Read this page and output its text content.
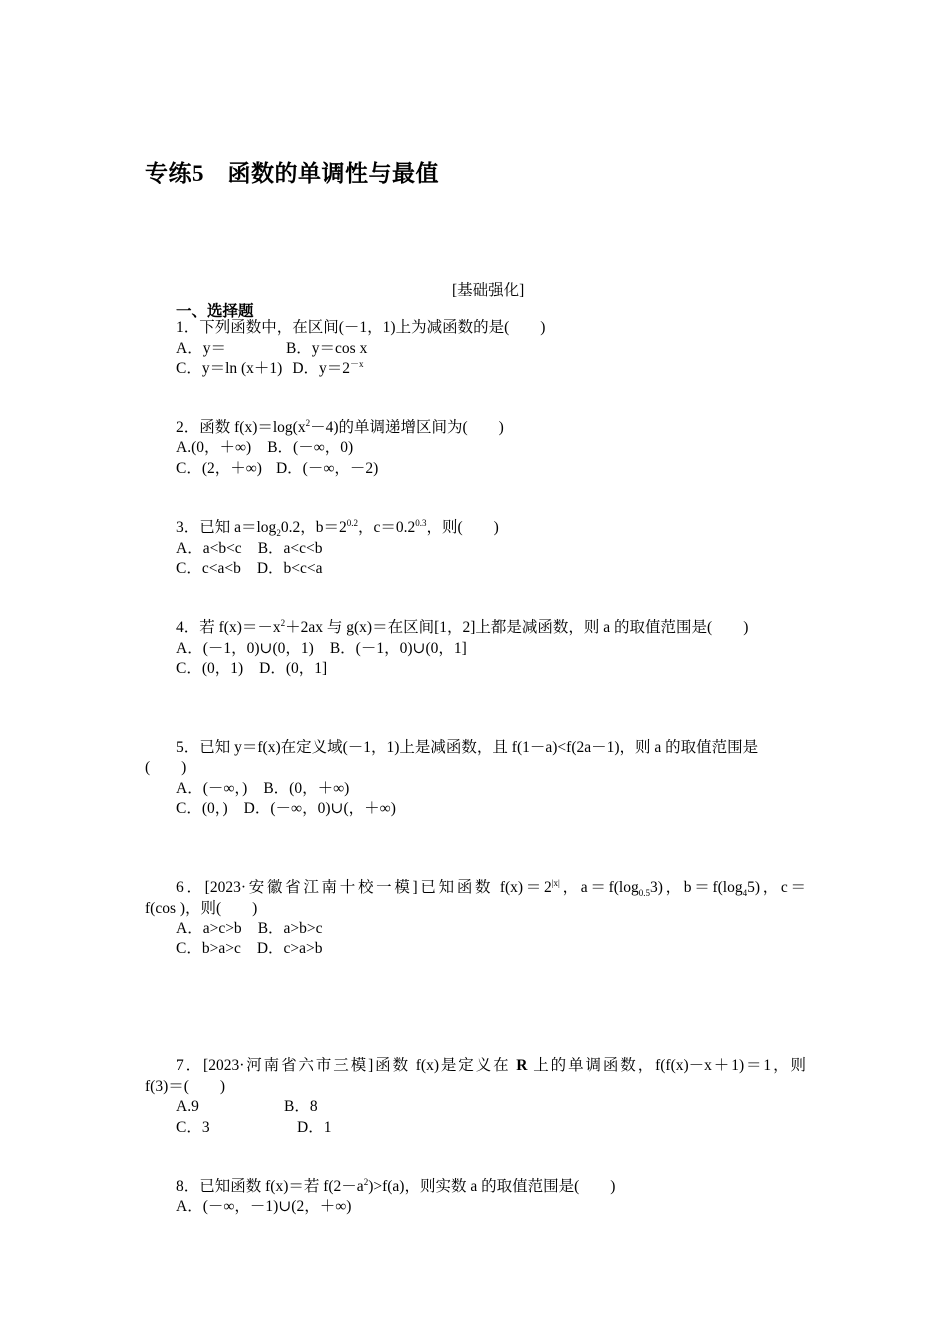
专练5　函数的单调性与最值
[基础强化]
一、选择题
1．下列函数中，在区间(－1，1)上为减函数的是(　　)
A．y＝	B．y＝cos x
C．y＝ln (x＋1) D．$y=2^{-x}$
2．函数 $f(x)=\log(x^2-4)$的单调递增区间为(　　)
A.(0，＋∞) B．(－∞，0)
C．(2，＋∞) D．(－∞，－2)
3．已知 $a=\log_20.2$，$b=2^{0.2}$，$c=0.2^{0.3}$，则(　　)
A．a<b<c B．a<c<b
C．c<a<b D．b<c<a
4．若 $f(x)=-x^2+2ax$ 与 g(x)＝在区间[1，2]上都是减函数，则 a 的取值范围是(　　)
A．(－1，0)∪(0，1) B．(－1，0)∪(0，1]
C．(0，1) D．(0，1]
5．已知 y＝f(x)在定义域(－1，1)上是减函数，且 f(1－a)<f(2a－1)，则 a 的取值范围是
(　　)
A．(－∞，) B．(0，＋∞)
C．(0，) D．(－∞，0)∪(，＋∞)
6．[2023·安徽省江南十校一模]已知函数 $f(x)=2^{|x|}$，$a=f(\log_{0.5}3)$，$b=f(\log_45)$，c＝
f(cos )，则(　　)
A．a>c>b B．a>b>c
C．b>a>c D．c>a>b
7．[2023·河南省六市三模]函数 f(x)是定义在 R 上的单调函数，f(f(x)－x＋1)＝1，则
f(3)＝(　　)
A.9	B．8
C．3	D．1
8．已知函数 f(x)＝若 $f(2-a^2)>f(a)$，则实数 a 的取值范围是(　　)
A．(－∞，－1)∪(2，＋∞)
